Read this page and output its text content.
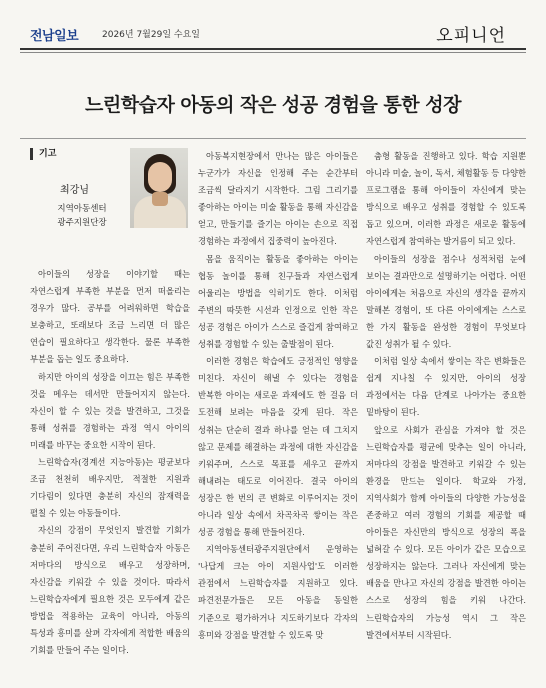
전남일보	2026년 7월29일 수요일	오피니언
느린학습자 아동의 작은 성공 경험을 통한 성장
기고
최강님
지역아동센터
광주지원단장

아이들의 성장을 이야기할 때는 자연스럽게 부족한 부분을 먼저 떠올리는 경우가 많다. 공부를 어려워하면 학습을 보충하고, 또래보다 조금 느리면 더 많은 연습이 필요하다고 생각한다. 물론 부족한 부분을 돕는 일도 중요하다.

하지만 아이의 성장을 이끄는 힘은 부족한 것을 메우는 데서만 만들어지지 않는다. 자신이 할 수 있는 것을 발견하고, 그것을 통해 성취를 경험하는 과정 역시 아이의 미래를 바꾸는 중요한 시작이 된다.

느린학습자(경계선 지능아동)는 평균보다 조금 천천히 배우지만, 적절한 지원과 기다림이 있다면 충분히 자신의 잠재력을 펼칠 수 있는 아동들이다.

자신의 강점이 무엇인지 발견할 기회가 충분히 주어진다면, 우리 느린학습자 아동은 저마다의 방식으로 배우고 성장하며, 자신감을 키워갈 수 있을 것이다. 따라서 느린학습자에게 필요한 것은 모두에게 같은 방법을 적용하는 교육이 아니라, 아동의 특성과 흥미를 살펴 각자에게 적합한 배움의 기회를 만들어 주는 일이다.

아동복지현장에서 만나는 많은 아이들은 누군가가 자신을 인정해 주는 순간부터 조금씩 달라지기 시작한다. 그림 그리기를 좋아하는 아이는 미술 활동을 통해 자신감을 얻고, 만들기를 즐기는 아이는 손으로 직접 경험하는 과정에서 집중력이 높아진다.

몸을 움직이는 활동을 좋아하는 아이는 협동 놀이를 통해 친구들과 자연스럽게 어울리는 방법을 익히기도 한다. 이처럼 주변의 따뜻한 시선과 인정으로 인한 작은 성공 경험은 아이가 스스로 즐겁게 참여하고 성취를 경험할 수 있는 출발점이 된다.

이러한 경험은 학습에도 긍정적인 영향을 미친다. 자신이 해낼 수 있다는 경험을 반복한 아이는 새로운 과제에도 한 걸음 더 도전해 보려는 마음을 갖게 된다. 작은 성취는 단순히 결과 하나를 얻는 데 그치지 않고 문제를 해결하는 과정에 대한 자신감을 키워주며, 스스로 목표를 세우고 끝까지 해내려는 태도로 이어진다. 결국 아이의 성장은 한 번의 큰 변화로 이루어지는 것이 아니라 일상 속에서 차곡차곡 쌓이는 작은 성공 경험을 통해 만들어진다.

지역아동센터광주지원단에서 운영하는 '나답게 크는 아이 지원사업'도 이러한 관점에서 느린학습자를 지원하고 있다. 파견전문가들은 모든 아동을 동일한 기준으로 평가하거나 지도하기보다 각자의 흥미와 강점을 발견할 수 있도록 맞

춤형 활동을 진행하고 있다. 학습 지원뿐 아니라 미술, 놀이, 독서, 체험활동 등 다양한 프로그램을 통해 아이들이 자신에게 맞는 방식으로 배우고 성취를 경험할 수 있도록 돕고 있으며, 이러한 과정은 새로운 활동에 자연스럽게 참여하는 발거름이 되고 있다.

아이들의 성장을 점수나 성적처럼 눈에 보이는 결과만으로 설명하기는 어렵다. 어떤 아이에게는 처음으로 자신의 생각을 끝까지 말해본 경험이, 또 다른 아이에게는 스스로 한 가지 활동을 완성한 경험이 무엇보다 값진 성취가 될 수 있다.

이처럼 일상 속에서 쌓이는 작은 변화들은 쉽게 지나칠 수 있지만, 아이의 성장 과정에서는 다음 단계로 나아가는 중요한 밑바탕이 된다.

앞으로 사회가 관심을 가져야 할 것은 느린학습자를 평균에 맞추는 일이 아니라, 저마다의 강점을 발견하고 키워갈 수 있는 환경을 만드는 일이다. 학교와 가정, 지역사회가 함께 아이들의 다양한 가능성을 존중하고 여러 경험의 기회를 제공할 때 아이들은 자신만의 방식으로 성장의 폭을 넓혀갈 수 있다. 모든 아이가 같은 모습으로 성장하지는 않는다. 그러나 자신에게 맞는 배움을 만나고 자신의 강점을 발견한 아이는 스스로 성장의 힘을 키워 나간다. 느린학습자의 가능성 역시 그 작은 발견에서부터 시작된다.
